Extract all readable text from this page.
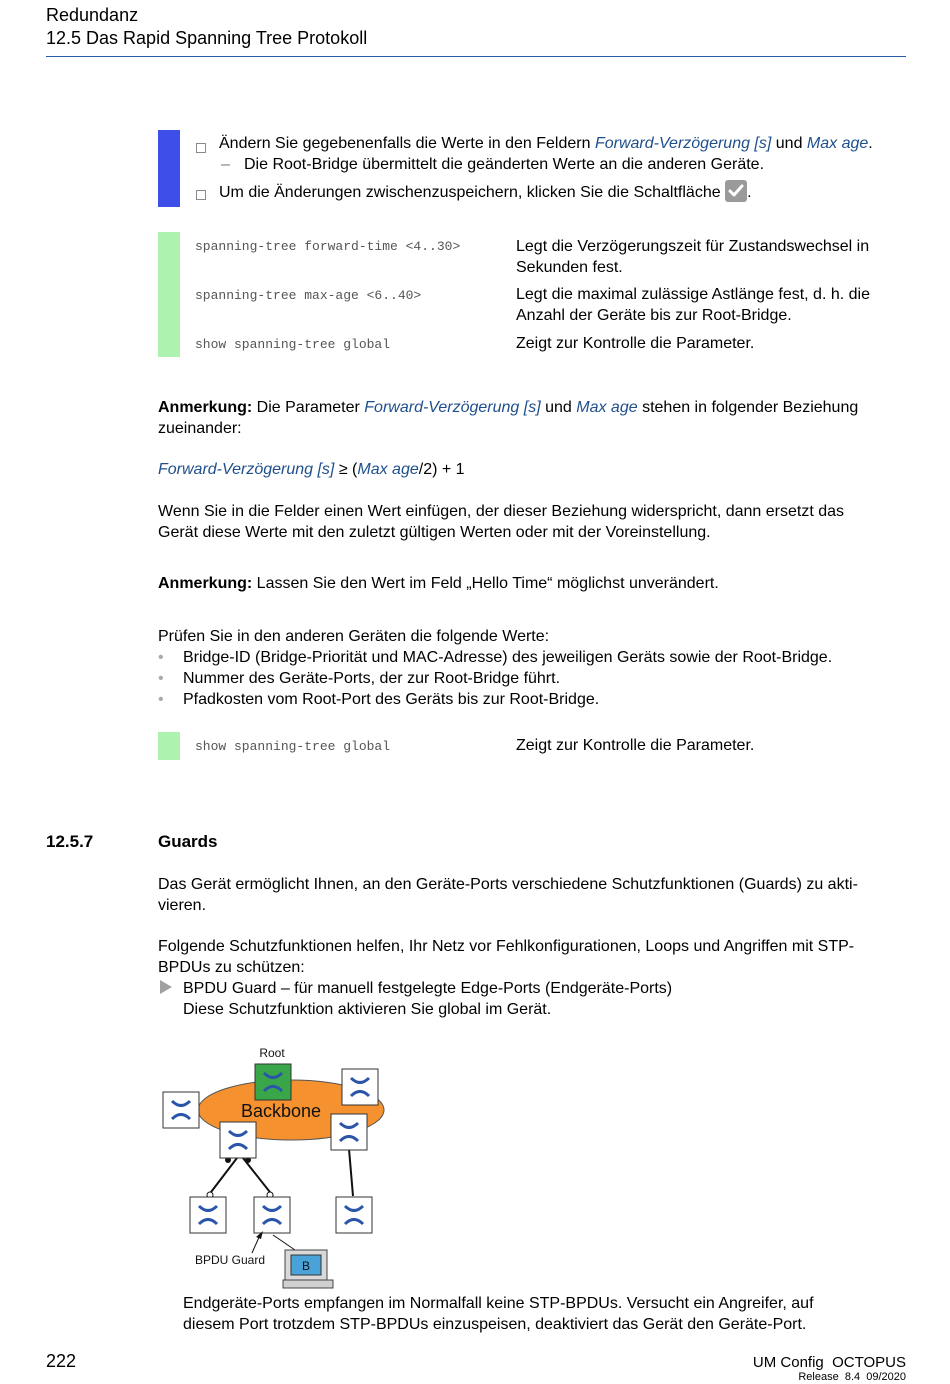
Redundanz
12.5 Das Rapid Spanning Tree Protokoll
Ändern Sie gegebenenfalls die Werte in den Feldern Forward-Verzögerung [s] und Max age.
– Die Root-Bridge übermittelt die geänderten Werte an die anderen Geräte.
Um die Änderungen zwischenzuspeichern, klicken Sie die Schaltfläche .
spanning-tree forward-time <4..30>	Legt die Verzögerungszeit für Zustandswechsel in
Sekunden fest.
spanning-tree max-age <6..40>	Legt die maximal zulässige Astlänge fest, d. h. die
Anzahl der Geräte bis zur Root-Bridge.
show spanning-tree global	Zeigt zur Kontrolle die Parameter.
Anmerkung: Die Parameter Forward-Verzögerung [s] und Max age stehen in folgender Beziehung
zueinander:
Forward-Verzögerung [s] ≥ (Max age/2) + 1
Wenn Sie in die Felder einen Wert einfügen, der dieser Beziehung widerspricht, dann ersetzt das
Gerät diese Werte mit den zuletzt gültigen Werten oder mit der Voreinstellung.
Anmerkung: Lassen Sie den Wert im Feld „Hello Time“ möglichst unverändert.
Prüfen Sie in den anderen Geräten die folgende Werte:
• Bridge-ID (Bridge-Priorität und MAC-Adresse) des jeweiligen Geräts sowie der Root-Bridge.
• Nummer des Geräte-Ports, der zur Root-Bridge führt.
• Pfadkosten vom Root-Port des Geräts bis zur Root-Bridge.
show spanning-tree global	Zeigt zur Kontrolle die Parameter.
12.5.7	Guards
Das Gerät ermöglicht Ihnen, an den Geräte-Ports verschiedene Schutzfunktionen (Guards) zu akti-
vieren.
Folgende Schutzfunktionen helfen, Ihr Netz vor Fehlkonfigurationen, Loops und Angriffen mit STP-
BPDUs zu schützen:
BPDU Guard – für manuell festgelegte Edge-Ports (Endgeräte-Ports)
Diese Schutzfunktion aktivieren Sie global im Gerät.
Backbone
Root
BPDU Guard	B
Endgeräte-Ports empfangen im Normalfall keine STP-BPDUs. Versucht ein Angreifer, auf
diesem Port trotzdem STP-BPDUs einzuspeisen, deaktiviert das Gerät den Geräte-Port.
222	UM Config  OCTOPUS
Release  8.4  09/2020
